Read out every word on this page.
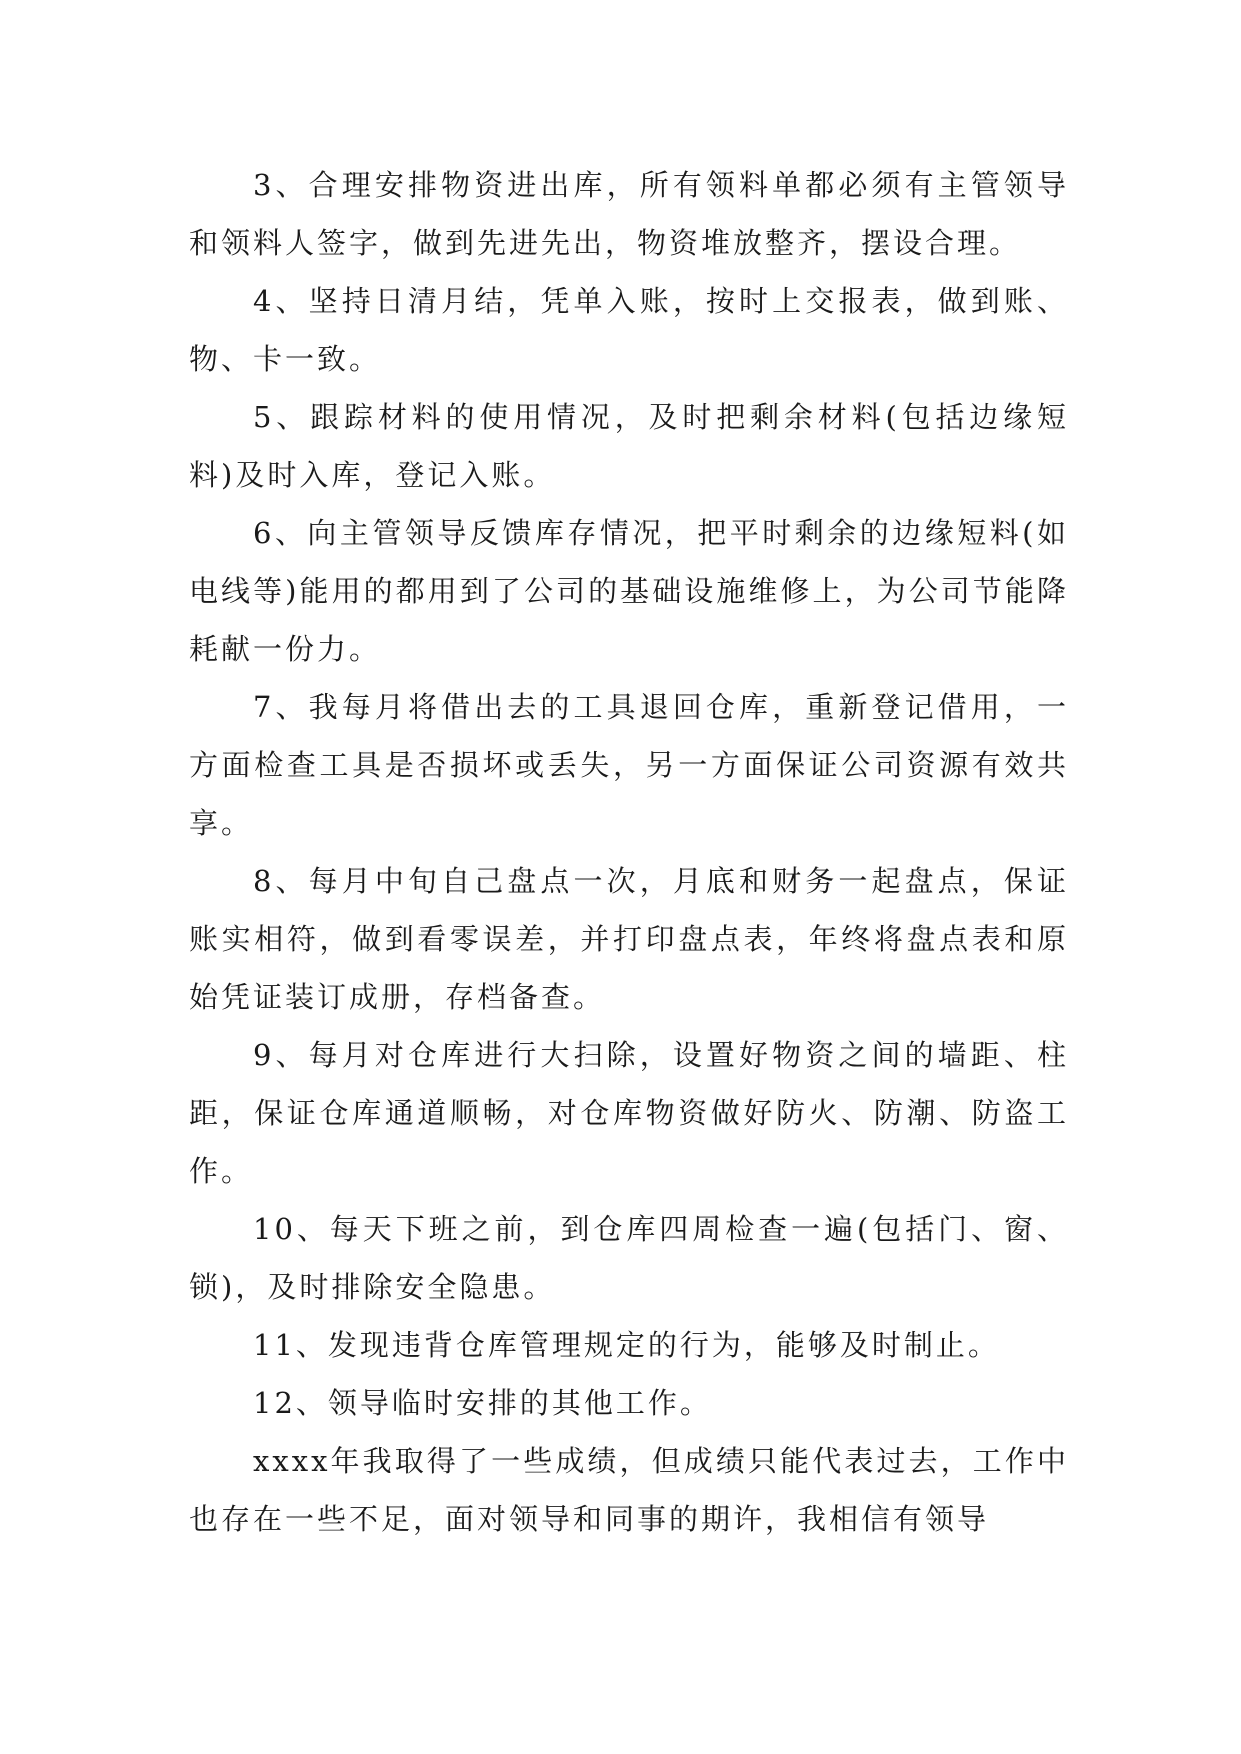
3、合理安排物资进出库，所有领料单都必须有主管领导和领料人签字，做到先进先出，物资堆放整齐，摆设合理。

4、坚持日清月结，凭单入账，按时上交报表，做到账、物、卡一致。

5、跟踪材料的使用情况，及时把剩余材料(包括边缘短料)及时入库，登记入账。

6、向主管领导反馈库存情况，把平时剩余的边缘短料(如电线等)能用的都用到了公司的基础设施维修上，为公司节能降耗献一份力。

7、我每月将借出去的工具退回仓库，重新登记借用，一方面检查工具是否损坏或丢失，另一方面保证公司资源有效共享。

8、每月中旬自己盘点一次，月底和财务一起盘点，保证账实相符，做到看零误差，并打印盘点表，年终将盘点表和原始凭证装订成册，存档备查。

9、每月对仓库进行大扫除，设置好物资之间的墙距、柱距，保证仓库通道顺畅，对仓库物资做好防火、防潮、防盗工作。

10、每天下班之前，到仓库四周检查一遍(包括门、窗、锁)，及时排除安全隐患。

11、发现违背仓库管理规定的行为，能够及时制止。

12、领导临时安排的其他工作。

xxxx年我取得了一些成绩，但成绩只能代表过去，工作中也存在一些不足，面对领导和同事的期许，我相信有领导
